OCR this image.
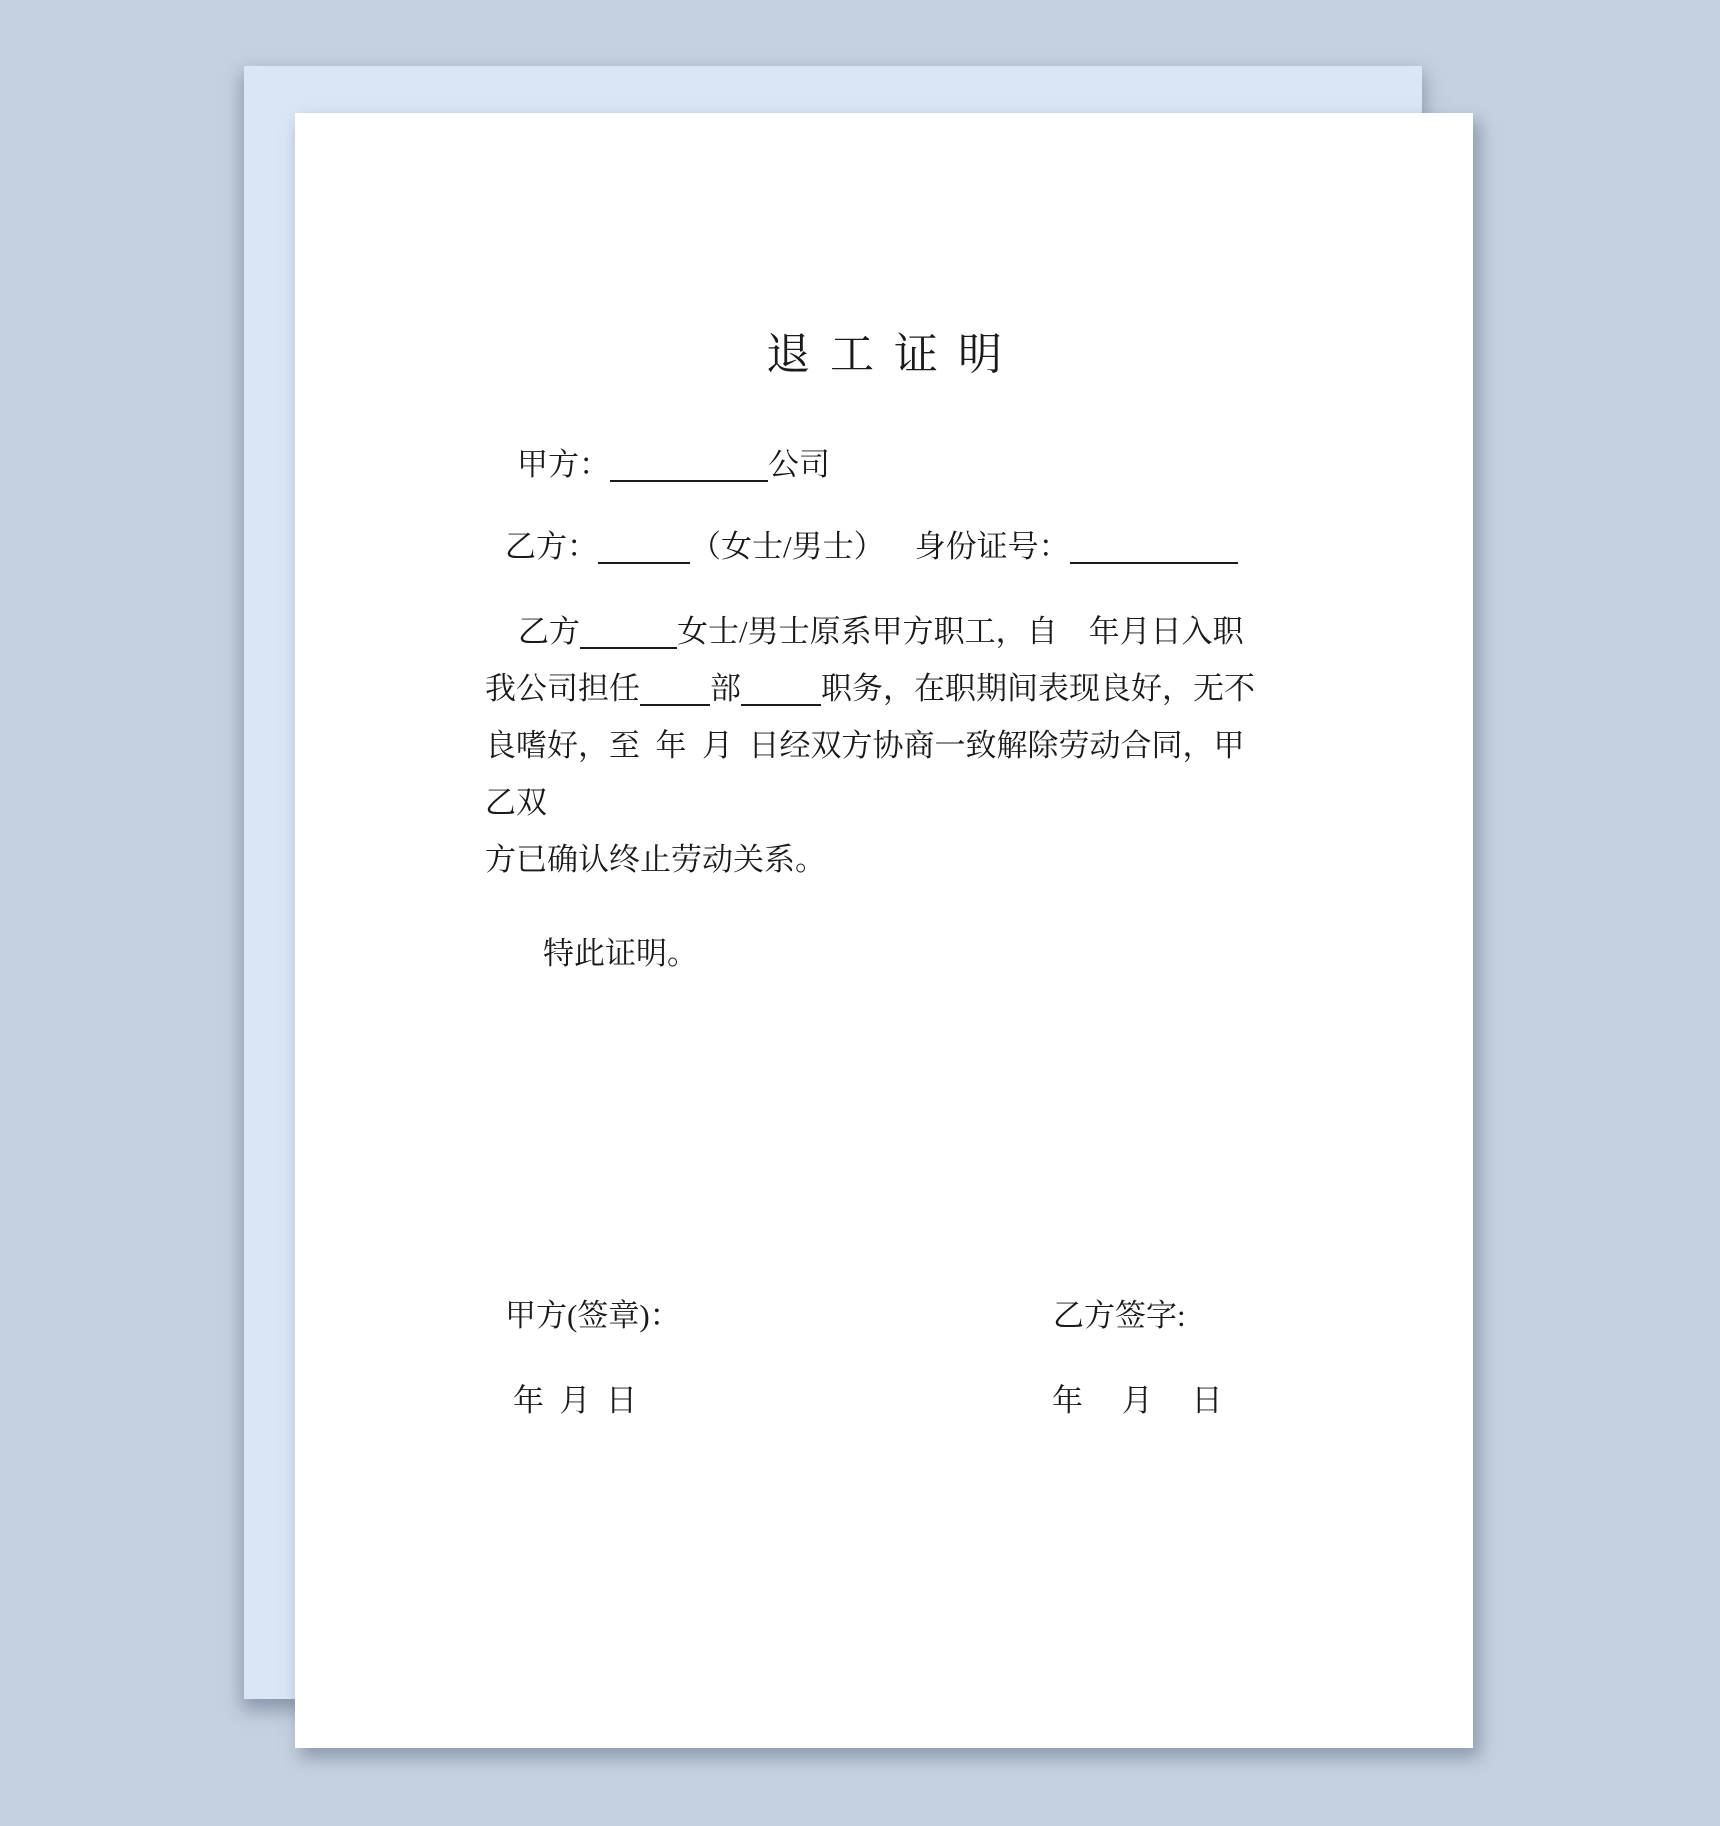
退工证明
甲方：	公司
乙方：	（女士/男士） 身份证号：
乙方	女士/男士原系甲方职工，自　年月日入职
我公司担任 部	职务，在职期间表现良好，无不
良嗜好，至  年  月  日经双方协商一致解除劳动合同，甲乙双
方已确认终止劳动关系。
特此证明。
甲方(签章)：	乙方签字:
年  月  日	年　 月　 日
